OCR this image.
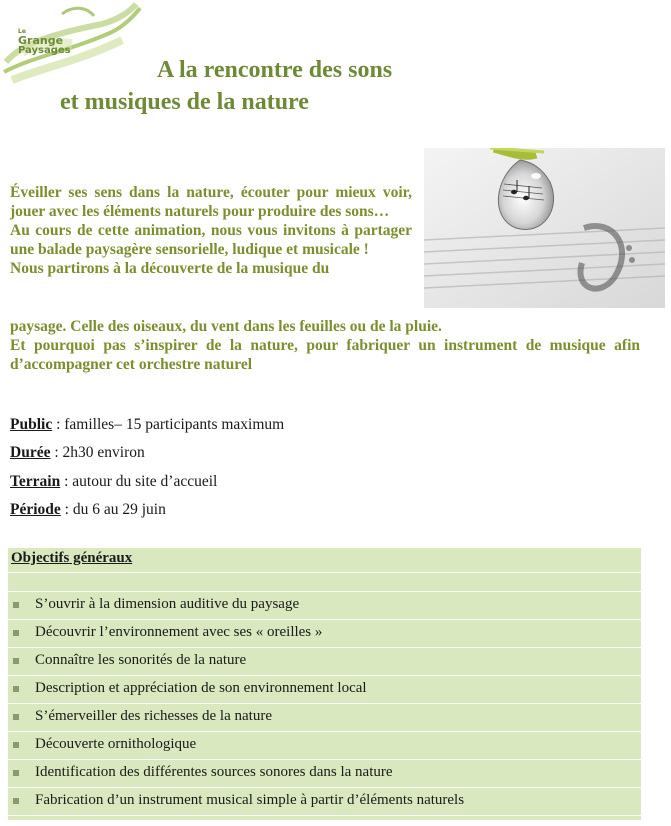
Le
Grange
Paysages
A la rencontre des sons
et musiques de la nature

Éveiller ses sens dans la nature, écouter pour mieux voir, jouer avec les éléments naturels pour produire des sons…

Au cours de cette animation, nous vous invitons à partager une balade paysagère sensorielle, ludique et musicale !

Nous partirons à la découverte de la musique du

paysage. Celle des oiseaux, du vent dans les feuilles ou de la pluie.

Et pourquoi pas s’inspirer de la nature, pour fabriquer un instrument de musique afin d’accompagner cet orchestre naturel

Public : familles– 15 participants maximum

Durée : 2h30 environ

Terrain : autour du site d’accueil

Période : du 6 au 29 juin

Objectifs généraux
S’ouvrir à la dimension auditive du paysage
Découvrir l’environnement avec ses « oreilles »
Connaître les sonorités de la nature
Description et appréciation de son environnement local
S’émerveiller des richesses de la nature
Découverte ornithologique
Identification des différentes sources sonores dans la nature
Fabrication d’un instrument musical simple à partir d’éléments naturels
